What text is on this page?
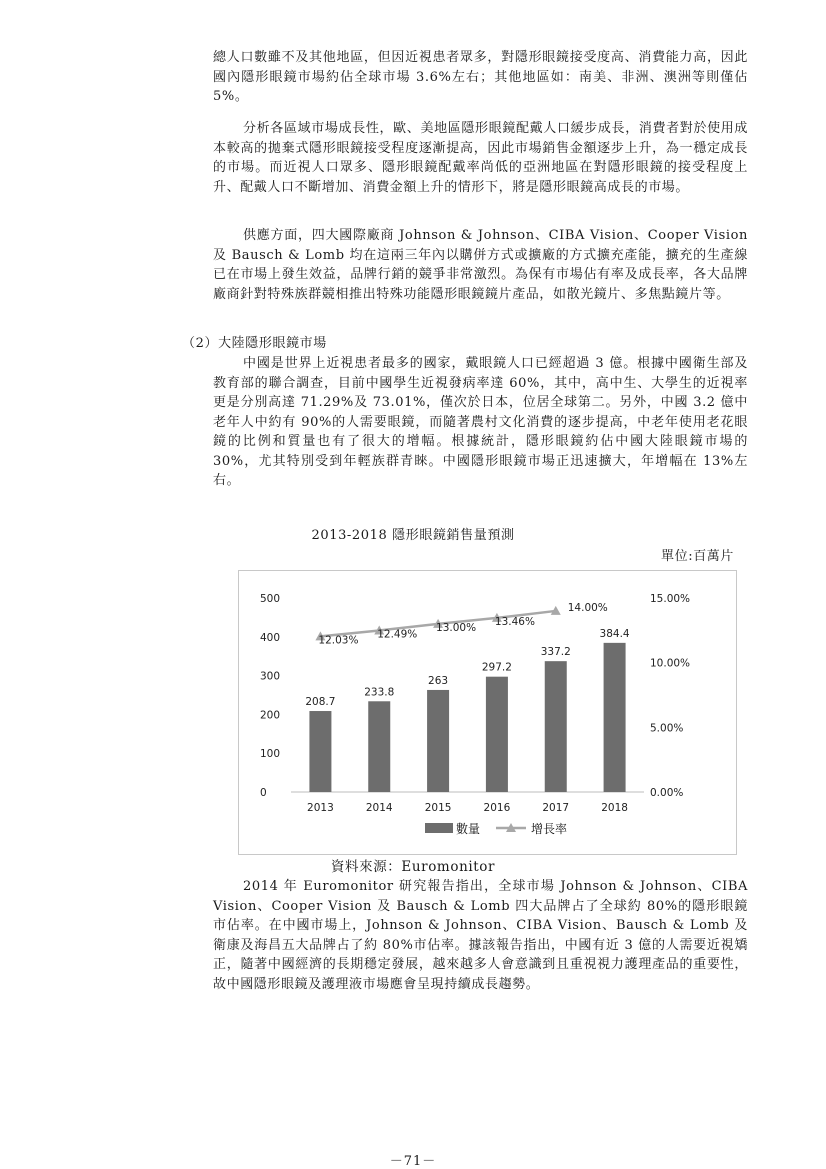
總人口數雖不及其他地區，但因近視患者眾多，對隱形眼鏡接受度高、消費能力高，因此國內隱形眼鏡市場約佔全球市場 3.6%左右；其他地區如：南美、非洲、澳洲等則僅佔 5%。

分析各區域市場成長性，歐、美地區隱形眼鏡配戴人口緩步成長，消費者對於使用成本較高的拋棄式隱形眼鏡接受程度逐漸提高，因此市場銷售金額逐步上升，為一穩定成長的市場。而近視人口眾多、隱形眼鏡配戴率尚低的亞洲地區在對隱形眼鏡的接受程度上升、配戴人口不斷增加、消費金額上升的情形下，將是隱形眼鏡高成長的市場。

供應方面，四大國際廠商 Johnson & Johnson、CIBA Vision、Cooper Vision 及 Bausch & Lomb 均在這兩三年內以購併方式或擴廠的方式擴充產能，擴充的生產線已在市場上發生效益，品牌行銷的競爭非常激烈。為保有市場佔有率及成長率，各大品牌廠商針對特殊族群競相推出特殊功能隱形眼鏡鏡片產品，如散光鏡片、多焦點鏡片等。

（2）大陸隱形眼鏡市場

中國是世界上近視患者最多的國家，戴眼鏡人口已經超過 3 億。根據中國衛生部及教育部的聯合調查，目前中國學生近視發病率達 60%，其中，高中生、大學生的近視率更是分別高達 71.29%及 73.01%，僅次於日本，位居全球第二。另外，中國 3.2 億中老年人中約有 90%的人需要眼鏡，而隨著農村文化消費的逐步提高，中老年使用老花眼鏡的比例和質量也有了很大的增幅。根據統計，隱形眼鏡約佔中國大陸眼鏡市場的 30%，尤其特別受到年輕族群青睞。中國隱形眼鏡市場正迅速擴大，年增幅在 13%左右。

2013-2018 隱形眼鏡銷售量預測
單位:百萬片
0
100
200
300
400
500
0.00%
5.00%
10.00%
15.00%
208.7
2013
233.8
2014
263
2015
297.2
2016
337.2
2017
384.4
2018
12.03% 12.49%
13.00% 13.46%
14.00%
數量	增長率
資料來源：Euromonitor

2014 年 Euromonitor 研究報告指出，全球市場 Johnson & Johnson、CIBA Vision、Cooper Vision 及 Bausch & Lomb 四大品牌占了全球約 80%的隱形眼鏡市佔率。在中國市場上，Johnson & Johnson、CIBA Vision、Bausch & Lomb 及衛康及海昌五大品牌占了約 80%市佔率。據該報告指出，中國有近 3 億的人需要近視矯正，隨著中國經濟的長期穩定發展，越來越多人會意識到且重視視力護理產品的重要性，故中國隱形眼鏡及護理液市場應會呈現持續成長趨勢。

－71－
